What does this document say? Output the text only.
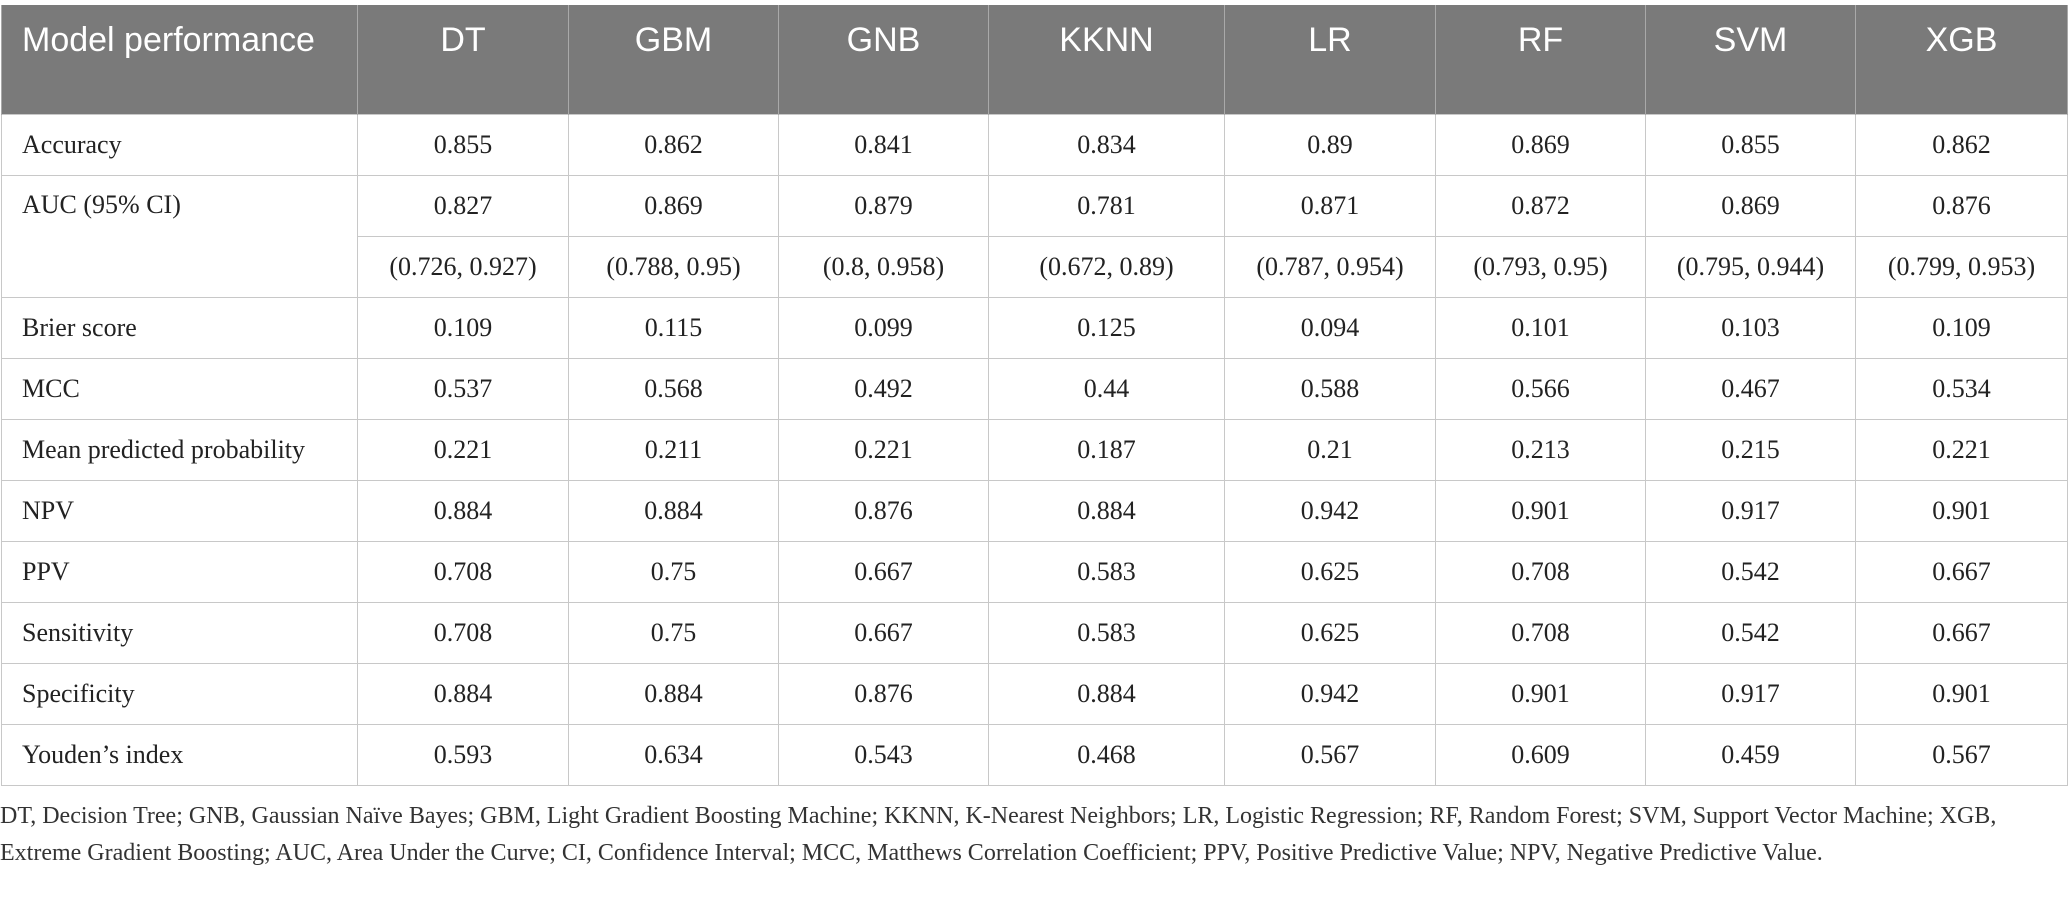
Model performance	DT	GBM	GNB	KKNN	LR	RF	SVM	XGB
Accuracy	0.855	0.862	0.841	0.834	0.89	0.869	0.855	0.862
AUC (95% CI)	0.827	0.869	0.879	0.781	0.871	0.872	0.869	0.876
	(0.726, 0.927)	(0.788, 0.95)	(0.8, 0.958)	(0.672, 0.89)	(0.787, 0.954)	(0.793, 0.95)	(0.795, 0.944)	(0.799, 0.953)
Brier score	0.109	0.115	0.099	0.125	0.094	0.101	0.103	0.109
MCC	0.537	0.568	0.492	0.44	0.588	0.566	0.467	0.534
Mean predicted probability	0.221	0.211	0.221	0.187	0.21	0.213	0.215	0.221
NPV	0.884	0.884	0.876	0.884	0.942	0.901	0.917	0.901
PPV	0.708	0.75	0.667	0.583	0.625	0.708	0.542	0.667
Sensitivity	0.708	0.75	0.667	0.583	0.625	0.708	0.542	0.667
Specificity	0.884	0.884	0.876	0.884	0.942	0.901	0.917	0.901
Youden’s index	0.593	0.634	0.543	0.468	0.567	0.609	0.459	0.567
DT, Decision Tree; GNB, Gaussian Naïve Bayes; GBM, Light Gradient Boosting Machine; KKNN, K-Nearest Neighbors; LR, Logistic Regression; RF, Random Forest; SVM, Support Vector Machine; XGB, Extreme Gradient Boosting; AUC, Area Under the Curve; CI, Confidence Interval; MCC, Matthews Correlation Coefficient; PPV, Positive Predictive Value; NPV, Negative Predictive Value.
